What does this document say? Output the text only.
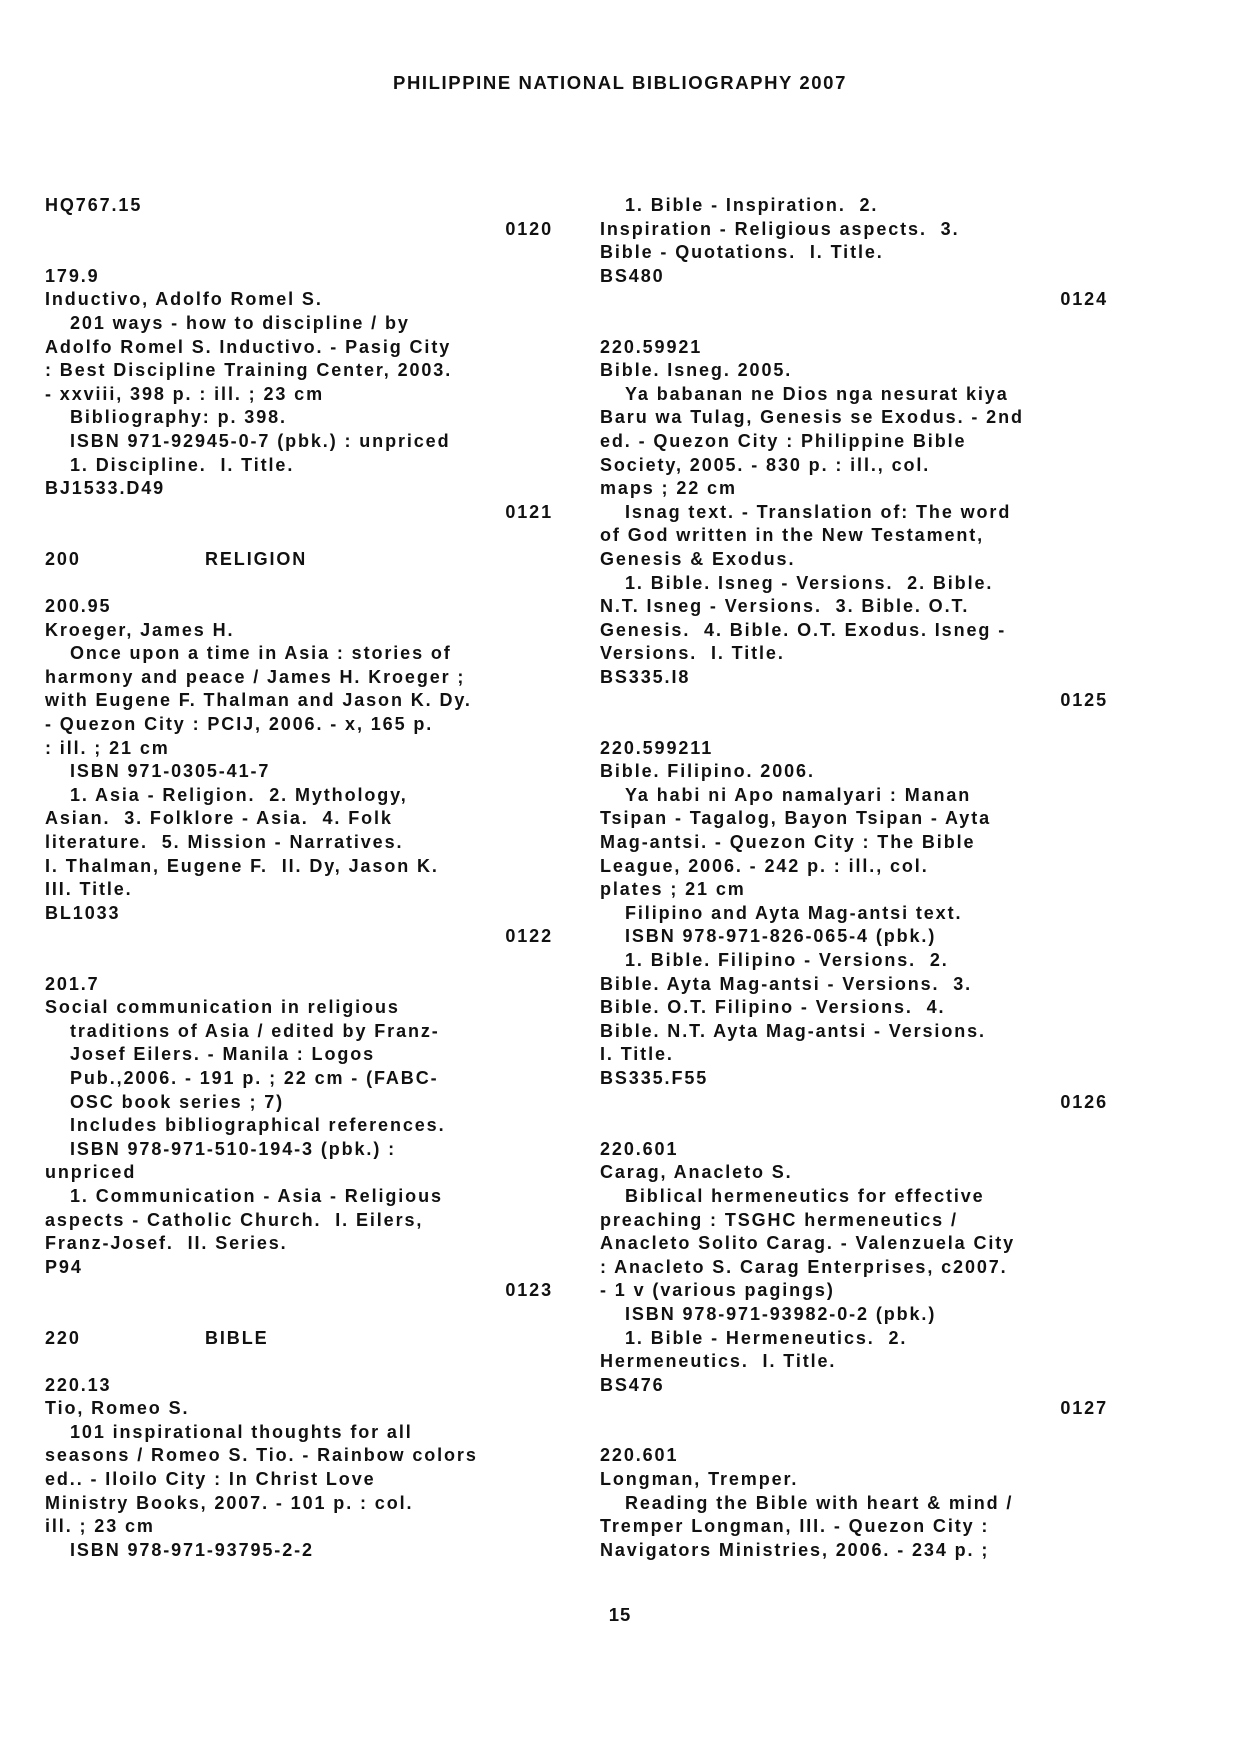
PHILIPPINE NATIONAL BIBLIOGRAPHY 2007
HQ767.15
0120
179.9
Inductivo, Adolfo Romel S.
201 ways - how to discipline / by
Adolfo Romel S. Inductivo. - Pasig City
: Best Discipline Training Center, 2003.
- xxviii, 398 p. : ill. ; 23 cm
Bibliography: p. 398.
ISBN 971-92945-0-7 (pbk.) : unpriced
1. Discipline.  I. Title.
BJ1533.D49
0121
200	RELIGION
200.95
Kroeger, James H.
Once upon a time in Asia : stories of
harmony and peace / James H. Kroeger ;
with Eugene F. Thalman and Jason K. Dy.
- Quezon City : PCIJ, 2006. - x, 165 p.
: ill. ; 21 cm
ISBN 971-0305-41-7
1. Asia - Religion.  2. Mythology,
Asian.  3. Folklore - Asia.  4. Folk
literature.  5. Mission - Narratives.
I. Thalman, Eugene F.  II. Dy, Jason K.
III. Title.
BL1033
0122
201.7
Social communication in religious
traditions of Asia / edited by Franz-
Josef Eilers. - Manila : Logos
Pub.,2006. - 191 p. ; 22 cm - (FABC-
OSC book series ; 7)
Includes bibliographical references.
ISBN 978-971-510-194-3 (pbk.) :
unpriced
1. Communication - Asia - Religious
aspects - Catholic Church.  I. Eilers,
Franz-Josef.  II. Series.
P94
0123
220	BIBLE
220.13
Tio, Romeo S.
101 inspirational thoughts for all
seasons / Romeo S. Tio. - Rainbow colors
ed.. - Iloilo City : In Christ Love
Ministry Books, 2007. - 101 p. : col.
ill. ; 23 cm
ISBN 978-971-93795-2-2
1. Bible - Inspiration.  2.
Inspiration - Religious aspects.  3.
Bible - Quotations.  I. Title.
BS480
0124
220.59921
Bible. Isneg. 2005.
Ya babanan ne Dios nga nesurat kiya
Baru wa Tulag, Genesis se Exodus. - 2nd
ed. - Quezon City : Philippine Bible
Society, 2005. - 830 p. : ill., col.
maps ; 22 cm
Isnag text. - Translation of: The word
of God written in the New Testament,
Genesis & Exodus.
1. Bible. Isneg - Versions.  2. Bible.
N.T. Isneg - Versions.  3. Bible. O.T.
Genesis.  4. Bible. O.T. Exodus. Isneg -
Versions.  I. Title.
BS335.I8
0125
220.599211
Bible. Filipino. 2006.
Ya habi ni Apo namalyari : Manan
Tsipan - Tagalog, Bayon Tsipan - Ayta
Mag-antsi. - Quezon City : The Bible
League, 2006. - 242 p. : ill., col.
plates ; 21 cm
Filipino and Ayta Mag-antsi text.
ISBN 978-971-826-065-4 (pbk.)
1. Bible. Filipino - Versions.  2.
Bible. Ayta Mag-antsi - Versions.  3.
Bible. O.T. Filipino - Versions.  4.
Bible. N.T. Ayta Mag-antsi - Versions.
I. Title.
BS335.F55
0126
220.601
Carag, Anacleto S.
Biblical hermeneutics for effective
preaching : TSGHC hermeneutics /
Anacleto Solito Carag. - Valenzuela City
: Anacleto S. Carag Enterprises, c2007.
- 1 v (various pagings)
ISBN 978-971-93982-0-2 (pbk.)
1. Bible - Hermeneutics.  2.
Hermeneutics.  I. Title.
BS476
0127
220.601
Longman, Tremper.
Reading the Bible with heart & mind /
Tremper Longman, III. - Quezon City :
Navigators Ministries, 2006. - 234 p. ;
15
